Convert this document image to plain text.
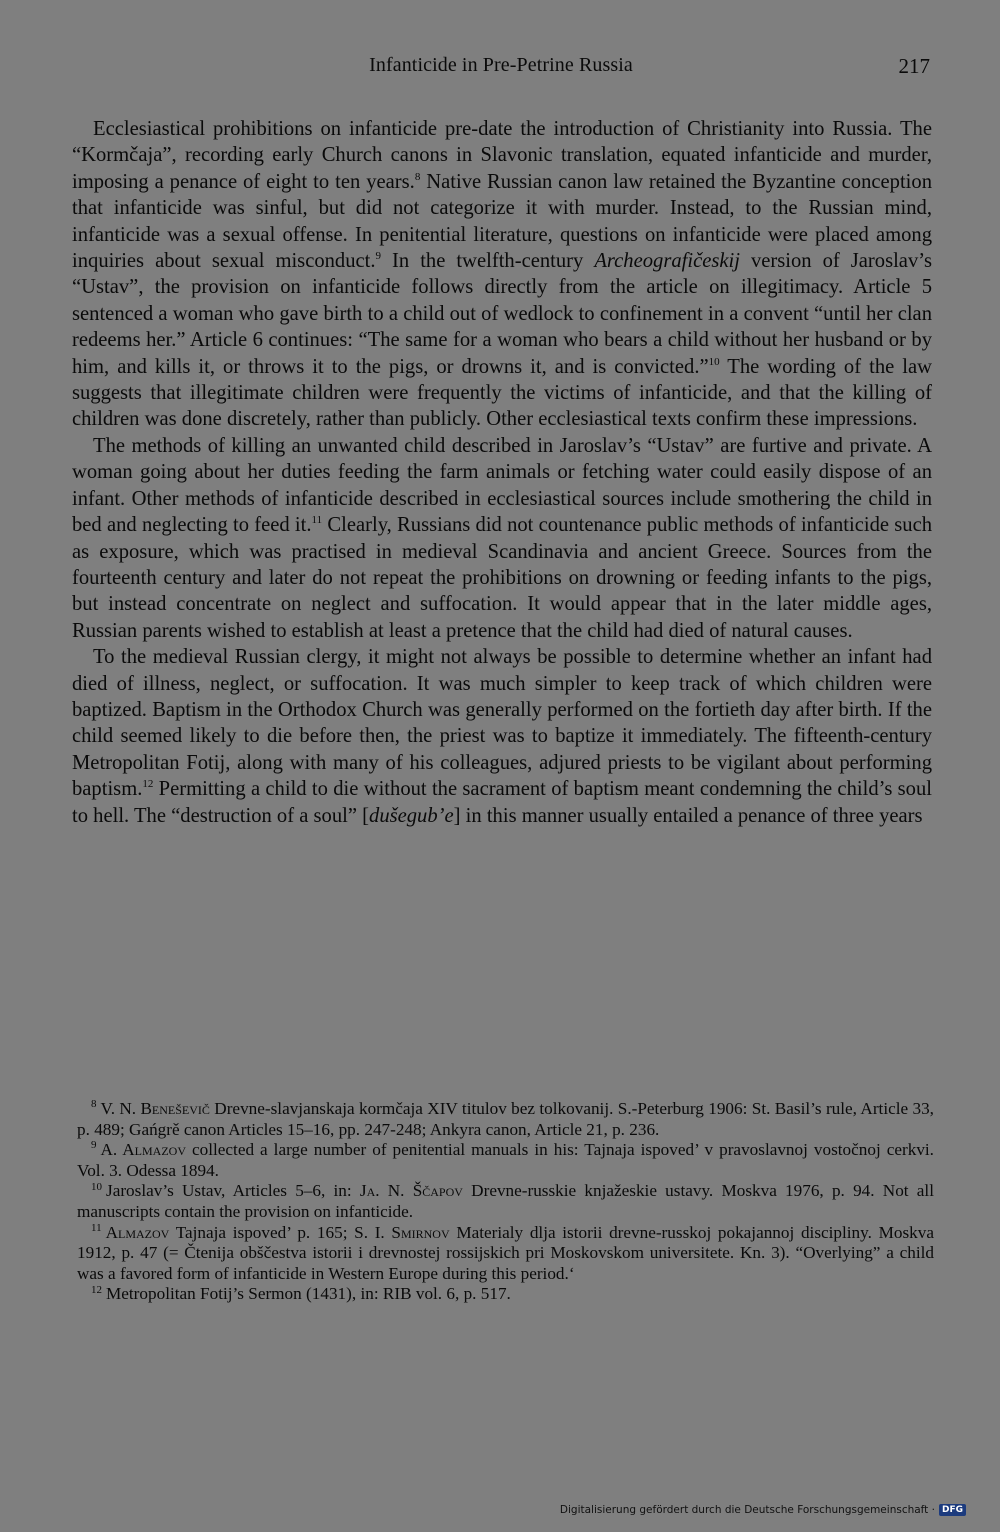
Infanticide in Pre-Petrine Russia	217

Ecclesiastical prohibitions on infanticide pre-date the introduction of Christianity into Russia. The “Kormčaja”, recording early Church canons in Slavonic translation, equated infanticide and murder, imposing a penance of eight to ten years.$^8$ Native Russian canon law retained the Byzantine conception that infanticide was sinful, but did not categorize it with murder. Instead, to the Russian mind, infanticide was a sexual offense. In penitential literature, questions on infanticide were placed among inquiries about sexual misconduct.$^9$ In the twelfth-century Archeografičeskij version of Jaroslav’s “Ustav”, the provision on infanticide follows directly from the article on illegitimacy. Article 5 sentenced a woman who gave birth to a child out of wedlock to confinement in a convent “until her clan redeems her.” Article 6 continues: “The same for a woman who bears a child without her husband or by him, and kills it, or throws it to the pigs, or drowns it, and is convicted.”$^{10}$ The wording of the law suggests that illegitimate children were frequently the victims of infanticide, and that the killing of children was done discretely, rather than publicly. Other ecclesiastical texts confirm these impressions.

The methods of killing an unwanted child described in Jaroslav’s “Ustav” are furtive and private. A woman going about her duties feeding the farm animals or fetching water could easily dispose of an infant. Other methods of infanticide described in ecclesiastical sources include smothering the child in bed and neglecting to feed it.$^{11}$ Clearly, Russians did not countenance public methods of infanticide such as exposure, which was practised in medieval Scandinavia and ancient Greece. Sources from the fourteenth century and later do not repeat the prohibitions on drowning or feeding infants to the pigs, but instead concentrate on neglect and suffocation. It would appear that in the later middle ages, Russian parents wished to establish at least a pretence that the child had died of natural causes.

To the medieval Russian clergy, it might not always be possible to determine whether an infant had died of illness, neglect, or suffocation. It was much simpler to keep track of which children were baptized. Baptism in the Orthodox Church was generally performed on the fortieth day after birth. If the child seemed likely to die before then, the priest was to baptize it immediately. The fifteenth-century Metropolitan Fotij, along with many of his colleagues, adjured priests to be vigilant about performing baptism.$^{12}$ Permitting a child to die without the sacrament of baptism meant condemning the child’s soul to hell. The “destruction of a soul” [dušegub’e] in this manner usually entailed a penance of three years

$^8$ V. N. Beneševič Drevne-slavjanskaja kormčaja XIV titulov bez tolkovanij. S.-Peterburg 1906: St. Basil’s rule, Article 33, p. 489; Gańgrě canon Articles 15–16, pp. 247-248; Ankyra canon, Article 21, p. 236.

$^9$ A. Almazov collected a large number of penitential manuals in his: Tajnaja ispoved’ v pravoslavnoj vostočnoj cerkvi. Vol. 3. Odessa 1894.

$^{10}$ Jaroslav’s Ustav, Articles 5–6, in: Ja. N. Ščapov Drevne-russkie knjažeskie ustavy. Moskva 1976, p. 94. Not all manuscripts contain the provision on infanticide.

$^{11}$ Almazov Tajnaja ispoved’ p. 165; S. I. Smirnov Materialy dlja istorii drevne-russkoj pokajannoj discipliny. Moskva 1912, p. 47 (= Čtenija obščestva istorii i drevnostej rossijskich pri Moskovskom universitete. Kn. 3). “Overlying” a child was a favored form of infanticide in Western Europe during this period.‘

$^{12}$ Metropolitan Fotij’s Sermon (1431), in: RIB vol. 6, p. 517.

Digitalisierung gefördert durch die Deutsche Forschungsgemeinschaft · DFG
